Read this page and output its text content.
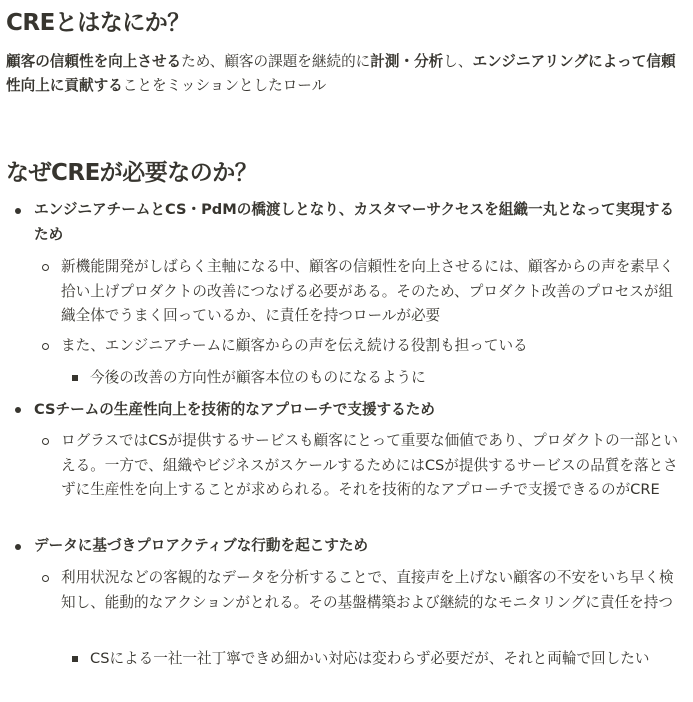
CREとはなにか？

顧客の信頼性を向上させるため、顧客の課題を継続的に計測・分析し、エンジニアリングによって信頼性向上に貢献することをミッションとしたロール

なぜCREが必要なのか？
エンジニアチームとCS・PdMの橋渡しとなり、カスタマーサクセスを組織一丸となって実現するため
新機能開発がしばらく主軸になる中、顧客の信頼性を向上させるには、顧客からの声を素早く拾い上げプロダクトの改善につなげる必要がある。そのため、プロダクト改善のプロセスが組織全体でうまく回っているか、に責任を持つロールが必要
また、エンジニアチームに顧客からの声を伝え続ける役割も担っている
今後の改善の方向性が顧客本位のものになるように
CSチームの生産性向上を技術的なアプローチで支援するため
ログラスではCSが提供するサービスも顧客にとって重要な価値であり、プロダクトの一部といえる。一方で、組織やビジネスがスケールするためにはCSが提供するサービスの品質を落とさずに生産性を向上することが求められる。それを技術的なアプローチで支援できるのがCRE
データに基づきプロアクティブな行動を起こすため
利用状況などの客観的なデータを分析することで、直接声を上げない顧客の不安をいち早く検知し、能動的なアクションがとれる。その基盤構築および継続的なモニタリングに責任を持つ
CSによる一社一社丁寧できめ細かい対応は変わらず必要だが、それと両輪で回したい
